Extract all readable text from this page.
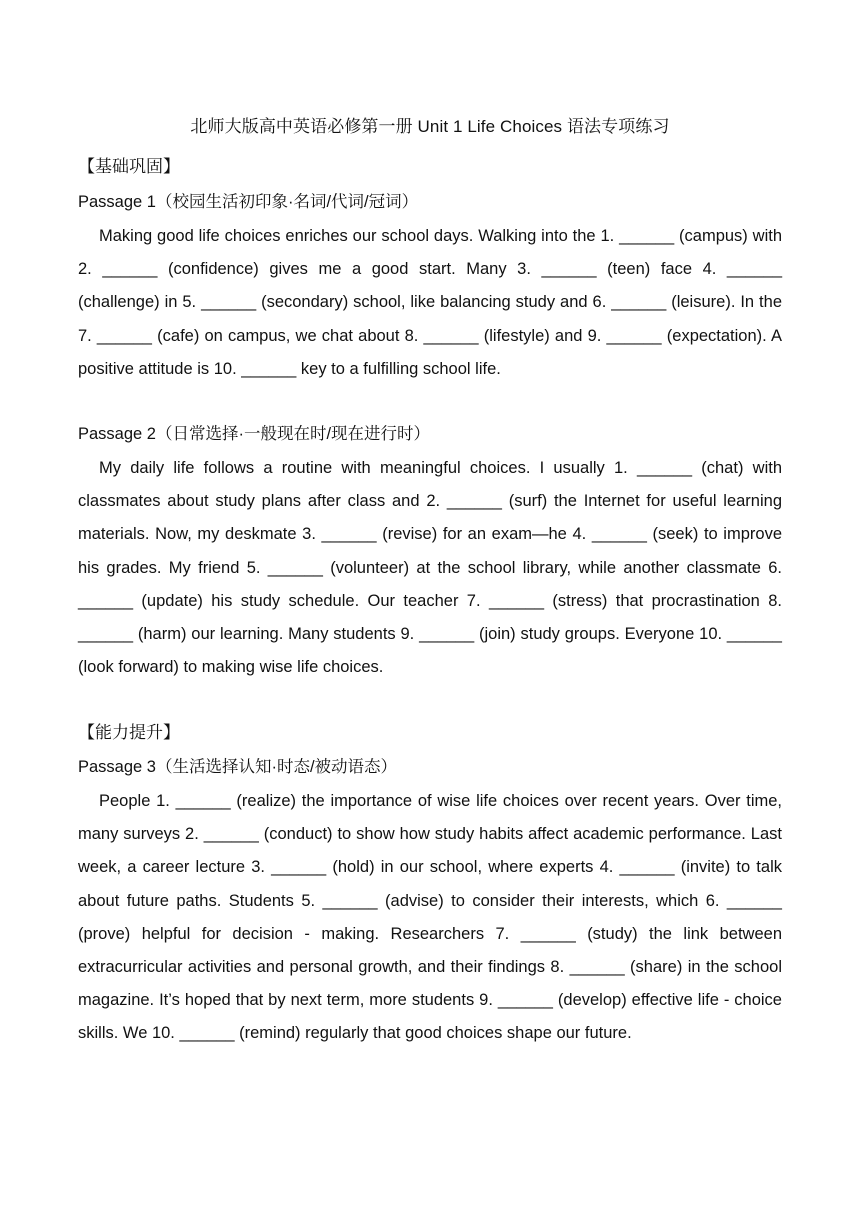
北师大版高中英语必修第一册 Unit 1 Life Choices 语法专项练习
【基础巩固】
Passage 1（校园生活初印象·名词/代词/冠词）

Making good life choices enriches our school days. Walking into the 1. ______ (campus) with 2. ______ (confidence) gives me a good start. Many 3. ______ (teen) face 4. ______ (challenge) in 5. ______ (secondary) school, like balancing study and 6. ______ (leisure). In the 7. ______ (cafe) on campus, we chat about 8. ______ (lifestyle) and 9. ______ (expectation). A positive attitude is 10. ______ key to a fulfilling school life.

Passage 2（日常选择·一般现在时/现在进行时）

My daily life follows a routine with meaningful choices. I usually 1. ______ (chat) with classmates about study plans after class and 2. ______ (surf) the Internet for useful learning materials. Now, my deskmate 3. ______ (revise) for an exam—he 4. ______ (seek) to improve his grades. My friend 5. ______ (volunteer) at the school library, while another classmate 6. ______ (update) his study schedule. Our teacher 7. ______ (stress) that procrastination 8. ______ (harm) our learning. Many students 9. ______ (join) study groups. Everyone 10. ______ (look forward) to making wise life choices.

【能力提升】
Passage 3（生活选择认知·时态/被动语态）

People 1. ______ (realize) the importance of wise life choices over recent years. Over time, many surveys 2. ______ (conduct) to show how study habits affect academic performance. Last week, a career lecture 3. ______ (hold) in our school, where experts 4. ______ (invite) to talk about future paths. Students 5. ______ (advise) to consider their interests, which 6. ______ (prove) helpful for decision - making. Researchers 7. ______ (study) the link between extracurricular activities and personal growth, and their findings 8. ______ (share) in the school magazine. It’s hoped that by next term, more students 9. ______ (develop) effective life - choice skills. We 10. ______ (remind) regularly that good choices shape our future.
